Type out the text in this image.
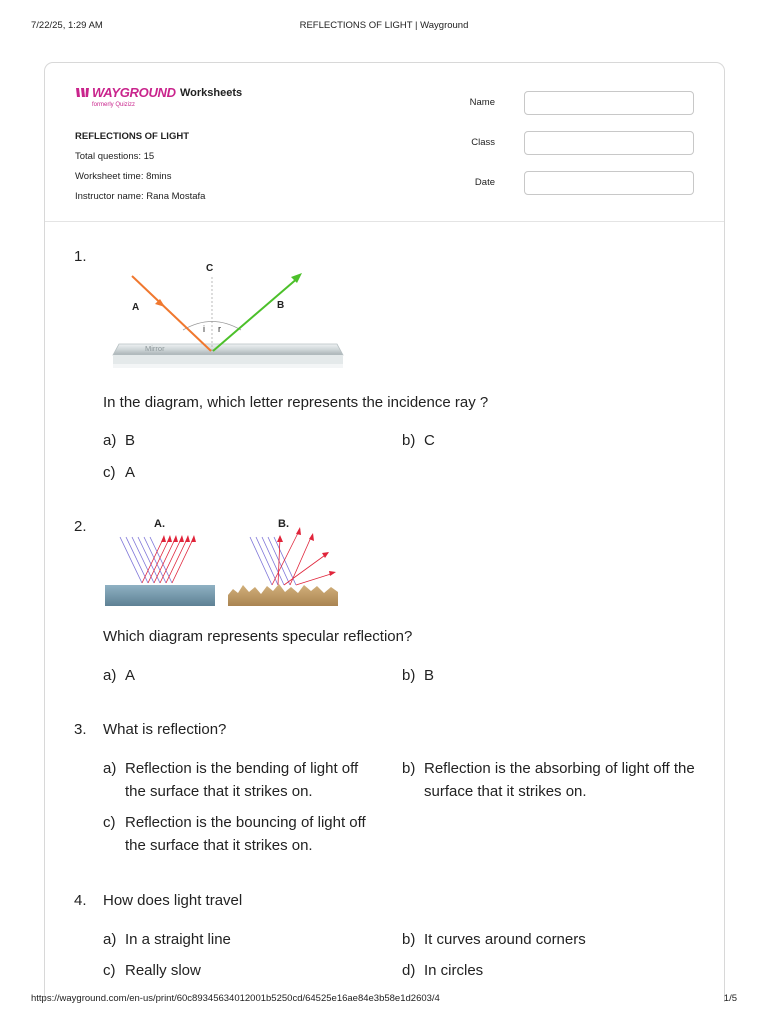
7/22/25, 1:29 AM	REFLECTIONS OF LIGHT | Wayground
WAYGROUND
formerly Quizizz
Worksheets
REFLECTIONS OF LIGHT
Total questions: 15
Worksheet time: 8mins
Instructor name: Rana Mostafa
Name
Class
Date
1.
Mirror
A	B
C
i r
In the diagram, which letter represents the incidence ray ?
a) B	b) C
c) A
2.	A.	B.
Which diagram represents specular reflection?
a) A	b) B
3. What is reflection?
a) Reflection is the bending of light off the surface that it strikes on.
b) Reflection is the absorbing of light off the surface that it strikes on.
c) Reflection is the bouncing of light off the surface that it strikes on.
4. How does light travel
a) In a straight line	b) It curves around corners
c) Really slow	d) In circles
https://wayground.com/en-us/print/60c89345634012001b5250cd/64525e16ae84e3b58e1d2603/4	1/5
